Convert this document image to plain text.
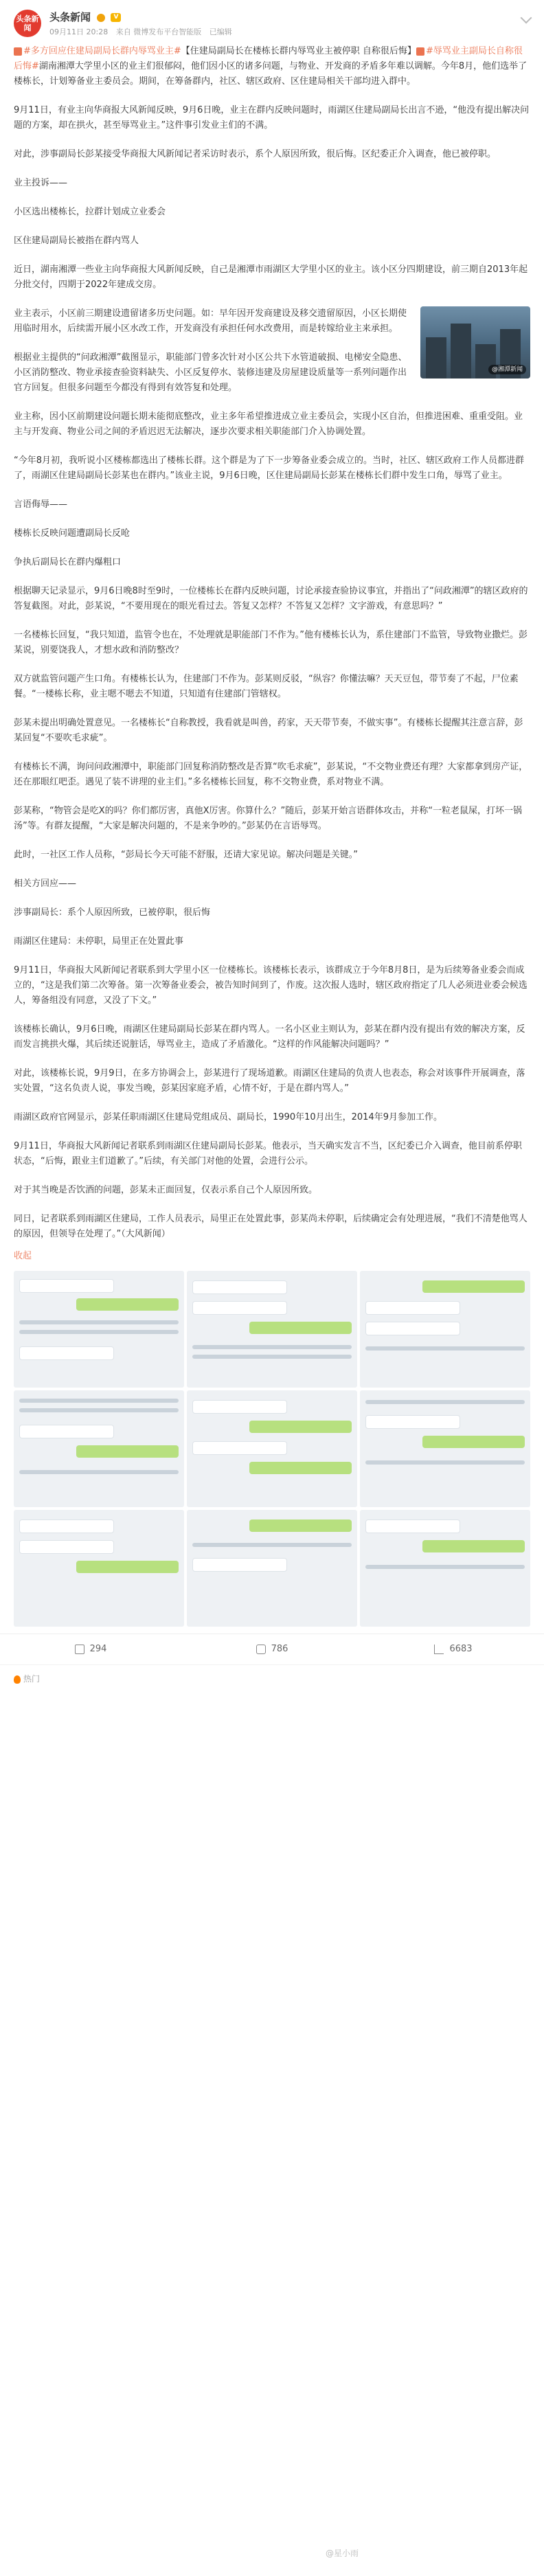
头条新闻
头条新闻	V
09月11日 20:28 来自 微博发布平台智能版 已编辑

#多方回应住建局副局长群内辱骂业主#【住建局副局长在楼栋长群内辱骂业主被停职 自称很后悔】 #辱骂业主副局长自称很后悔#湖南湘潭大学里小区的业主们很郁闷，他们因小区的诸多问题，与物业、开发商的矛盾多年难以调解。今年8月，他们选举了楼栋长，计划筹备业主委员会。期间，在筹备群内，社区、辖区政府、区住建局相关干部均进入群中。

9月11日，有业主向华商报大风新闻反映，9月6日晚，业主在群内反映问题时，雨湖区住建局副局长出言不逊，“他没有提出解决问题的方案，却在拱火，甚至辱骂业主。”这件事引发业主们的不满。

对此，涉事副局长彭某接受华商报大风新闻记者采访时表示，系个人原因所致，很后悔。区纪委正介入调查，他已被停职。

业主投诉——

小区选出楼栋长，拉群计划成立业委会

区住建局副局长被指在群内骂人

近日，湖南湘潭一些业主向华商报大风新闻反映，自己是湘潭市雨湖区大学里小区的业主。该小区分四期建设，前三期自2013年起分批交付，四期于2022年建成交房。

@湘潭新闻

业主表示，小区前三期建设遗留诸多历史问题。如：早年因开发商建设及移交遗留原因，小区长期使用临时用水，后续需开展小区水改工作，开发商没有承担任何水改费用，而是转嫁给业主来承担。

根据业主提供的“问政湘潭”截图显示，职能部门曾多次针对小区公共下水管道破损、电梯安全隐患、小区消防整改、物业承接查验资料缺失、小区反复停水、装修违建及房屋建设质量等一系列问题作出官方回复。但很多问题至今都没有得到有效答复和处理。

业主称，因小区前期建设问题长期未能彻底整改，业主多年希望推进成立业主委员会，实现小区自治，但推进困难、重重受阻。业主与开发商、物业公司之间的矛盾迟迟无法解决，逐步次要求相关职能部门介入协调处置。

“今年8月初，我听说小区楼栋都选出了楼栋长群。这个群是为了下一步筹备业委会成立的。当时，社区、辖区政府工作人员都进群了，雨湖区住建局副局长彭某也在群内。”该业主说，9月6日晚，区住建局副局长彭某在楼栋长们群中发生口角，辱骂了业主。

言语侮辱——

楼栋长反映问题遭副局长反呛

争执后副局长在群内爆粗口

根据聊天记录显示，9月6日晚8时至9时，一位楼栋长在群内反映问题，讨论承接查验协议事宜，并指出了“问政湘潭”的辖区政府的答复截图。对此，彭某说，“不要用现在的眼光看过去。答复又怎样？不答复又怎样？文字游戏，有意思吗？”

一名楼栋长回复，“我只知道，监管令也在，不处理就是职能部门不作为。”他有楼栋长认为，系住建部门不监管，导致物业撒烂。彭某说，别要饶我人，才想水政和消防整改？

双方就监管问题产生口角。有楼栋长认为，住建部门不作为。彭某则反驳，“纵容？你懂法嘛？天天豆包，带节奏了不起，尸位素餐。“一楼栋长称，业主嗯不嗯去不知道，只知道有住建部门管辖权。

彭某未提出明确处置意见。一名楼栋长“自称教授，我看就是叫兽，药家，天天带节奏，不做实事”。有楼栋长提醒其注意言辞，彭某回复“不要吹毛求疵”。

有楼栋长不满，询问问政湘潭中，职能部门回复称消防整改是否算“吹毛求疵”，彭某说，“不交物业费还有理？大家都拿到房产证，还在那眼红吧歪。遇见了装不讲理的业主们。”多名楼栋长回复，称不交物业费，系对物业不满。

彭某称，“物管会是吃X的吗？你们都厉害，真他X厉害。你算什么？”随后，彭某开始言语群体攻击，并称“一粒老鼠屎，打坏一锅汤”等。有群友提醒，“大家是解决问题的，不是来争吵的。”彭某仍在言语辱骂。

此时，一社区工作人员称，“彭局长今天可能不舒服，还请大家见谅。解决问题是关键。”

相关方回应——

涉事副局长：系个人原因所致，已被停职，很后悔

雨湖区住建局：未停职，局里正在处置此事

9月11日，华商报大风新闻记者联系到大学里小区一位楼栋长。该楼栋长表示，该群成立于今年8月8日，是为后续筹备业委会而成立的，“这是我们第二次筹备。第一次筹备业委会，被告知时间到了，作废。这次报人选时，辖区政府指定了几人必须进业委会候选人，筹备组没有同意，又没了下文。”

该楼栋长确认，9月6日晚，雨湖区住建局副局长彭某在群内骂人。一名小区业主则认为，彭某在群内没有提出有效的解决方案，反而发言挑拱火爆，其后续还说脏话，辱骂业主，造成了矛盾激化。“这样的作风能解决问题吗？”

对此，该楼栋长说，9月9日，在多方协调会上，彭某进行了现场道歉。雨湖区住建局的负责人也表态，称会对该事件开展调查，落实处置，“这名负责人说，事发当晚，彭某因家庭矛盾，心情不好，于是在群内骂人。”

雨湖区政府官网显示，彭某任职雨湖区住建局党组成员、副局长，1990年10月出生，2014年9月参加工作。

9月11日，华商报大风新闻记者联系到雨湖区住建局副局长彭某。他表示，当天确实发言不当，区纪委已介入调查，他目前系停职状态，“后悔，跟业主们道歉了。”后续，有关部门对他的处置，会进行公示。

对于其当晚是否饮酒的问题，彭某未正面回复，仅表示系自己个人原因所致。

同日，记者联系到雨湖区住建局，工作人员表示，局里正在处置此事，彭某尚未停职，后续确定会有处理进展，“我们不清楚他骂人的原因，但领导在处理了。”（大风新闻）

收起
294	786	6683
热门
@星小雨
